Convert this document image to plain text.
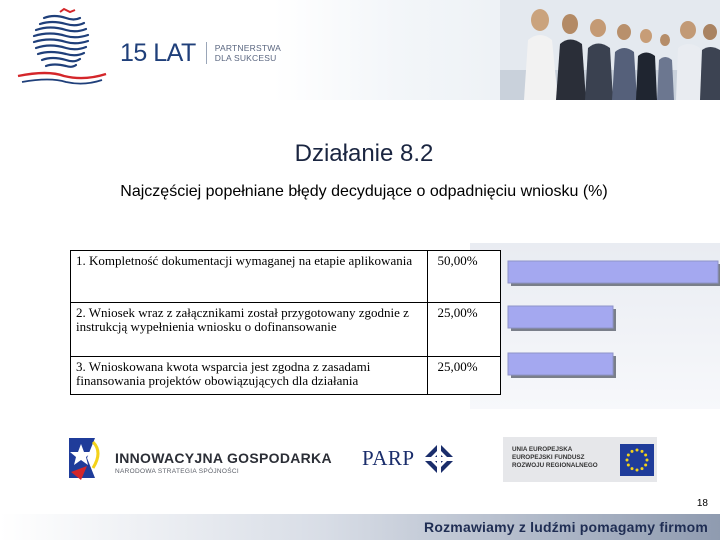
15 LAT PARTNERSTWA
DLA SUKCESU
Działanie 8.2
Najczęściej popełniane błędy decydujące o odpadnięciu wniosku (%)
1. Kompletność dokumentacji wymaganej na etapie aplikowania	50,00%
2. Wniosek wraz z załącznikami został przygotowany zgodnie z instrukcją wypełnienia wniosku o dofinansowanie	25,00%
3. Wnioskowana kwota wsparcia jest zgodna z zasadami finansowania projektów obowiązujących dla działania	25,00%
INNOWACYJNA GOSPODARKA
NARODOWA STRATEGIA SPÓJNOŚCI
PARP	UNIA EUROPEJSKA
EUROPEJSKI FUNDUSZ
ROZWOJU REGIONALNEGO
18
Rozmawiamy z ludźmi pomagamy firmom
